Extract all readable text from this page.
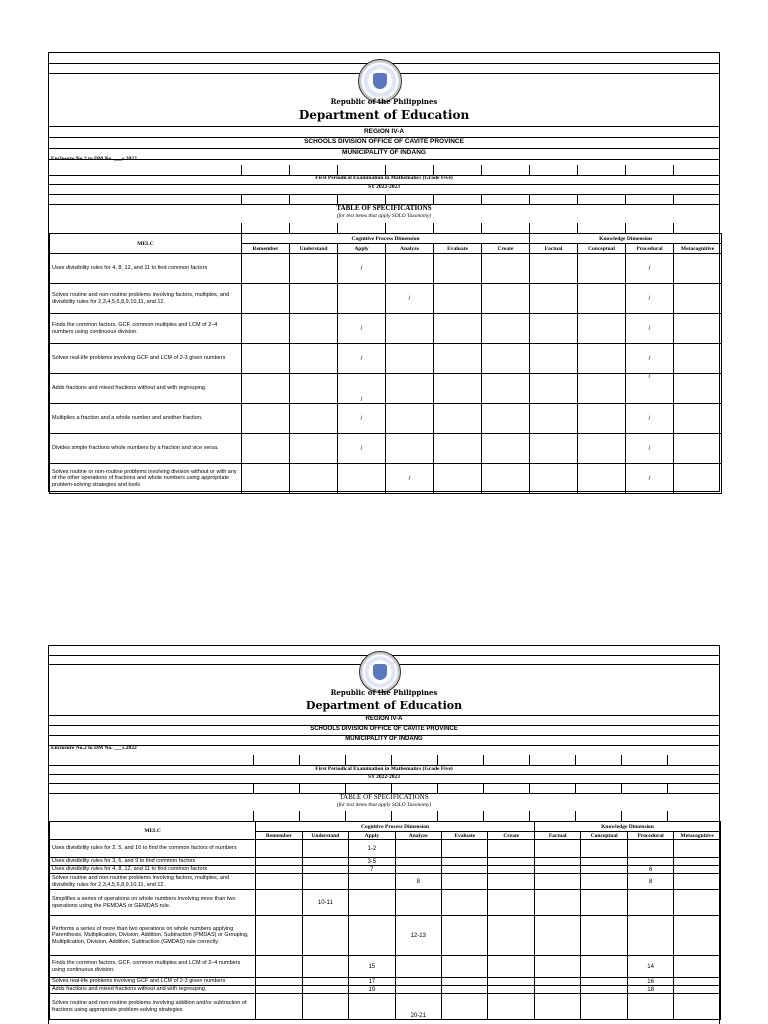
Republic of the Philippines
Department of Education
REGION IV-A
SCHOOLS DIVISION OFFICE OF CAVITE PROVINCE
MUNICIPALITY OF INDANG
Enclosure No.2 to DM No. ___s.2022
First Periodical Examination in Mathematics (Grade Five)
SY 2022-2023
TABLE OF SPECIFICATIONS
(for test items that apply SOLO Taxonomy)
MELC	Cognitive Process Dimension						Knowledge Dimension			
	Remember	Understand	Apply	Analyze	Evaluate	Create	Factual	Conceptual	Procedural	Metacognitive
Uses divisibility rules for 4, 8, 12, and 11 to find common factors			/						/	
Solves routine and non-routine problems involving factors, multiples, and divisibility rules for 2,3,4,5,6,8,9,10,11, and 12.				/					/	
Finds the common factors, GCF, common multiples and LCM of 2–4 numbers using continuous division.			/						/	
Solves real-life problems involving GCF and LCM of 2-3 given numbers			/						/	
Adds fractions and mixed fractions without and with regrouping.			/						/	
Multiplies a fraction and a whole number and another fraction.			/						/	
Divides simple fractions whole numbers by a fraction and vice versa.			/						/	
Solves routine or non-routine problems involving division without or with any of the other operations of fractions and whole numbers using appropriate problem-solving strategies and tools				/					/	
Republic of the Philippines
Department of Education
REGION IV-A
SCHOOLS DIVISION OFFICE OF CAVITE PROVINCE
MUNICIPALITY OF INDANG
Enclosure No.2 to DM No. ___s.2022
First Periodical Examination in Mathematics (Grade Five)
SY 2022-2023
TABLE OF SPECIFICATIONS
(for test items that apply SOLO Taxonomy)
MELC	Cognitive Process Dimension						Knowledge Dimension			
	Remember	Understand	Apply	Analyze	Evaluate	Create	Factual	Conceptual	Procedural	Metacognitive
Uses divisibility rules for 2, 5, and 10 to find the common factors of numbers			1-2							
Uses divisibility rules for 3, 6, and 9 to find common factors			3-5							
Uses divisibility rules for 4, 8, 12, and 11 to find common factors			7						6	
Solves routine and non-routine problems involving factors, multiples, and divisibility rules for 2,3,4,5,6,8,9,10,11, and 12.				8					8	
Simplifies a series of operations on whole numbers involving more than two operations using the PEMDAS or GEMDAS rule.		10-11								
Performs a series of more than two operations on whole numbers applying Parenthesis, Multiplication, Division, Addition, Subtraction (PMDAS) or Grouping, Multiplication, Division, Addition, Subtraction (GMDAS) rule correctly.				12-13						
Finds the common factors, GCF, common multiples and LCM of 2–4 numbers using continuous division.			15						14	
Solves real-life problems involving GCF and LCM of 2-3 given numbers			17						16	
Adds fractions and mixed fractions without and with regrouping.			19						18	
Solves routine and non-routine problems involving addition and/or subtraction of fractions using appropriate problem-solving strategies				20-21						
